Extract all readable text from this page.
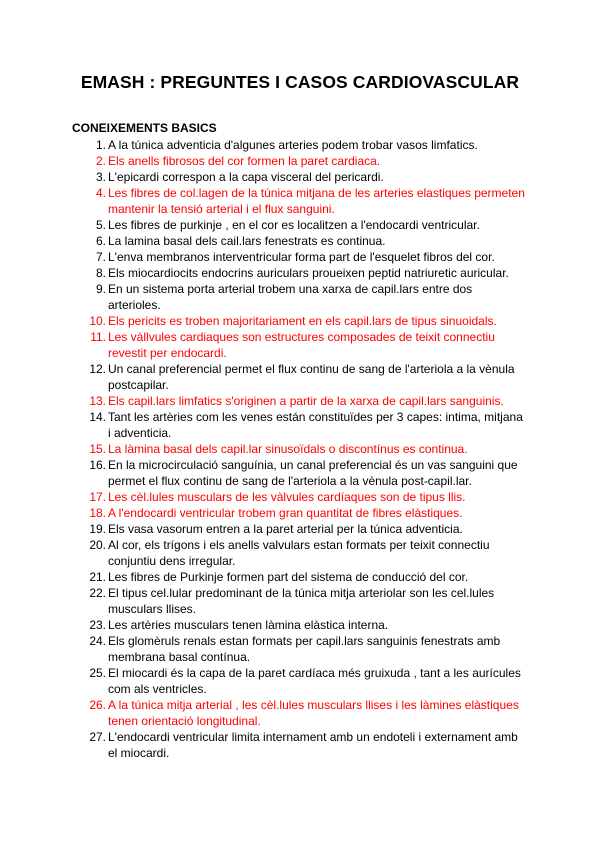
EMASH : PREGUNTES I CASOS CARDIOVASCULAR
CONEIXEMENTS BASICS
1. A la túnica adventicia d'algunes arteries podem trobar vasos limfatics.
2. Els anells fibrosos del cor formen la paret cardiaca.
3. L'epicardi correspon a la capa visceral del pericardi.
4. Les fibres de col.lagen de la túnica mitjana de les arteries elastiques permeten mantenir la tensió arterial i el flux sanguini.
5. Les fibres de purkinje , en el cor es localitzen a l'endocardi ventricular.
6. La lamina basal dels cail.lars fenestrats es continua.
7. L'enva membranos interventricular forma part de l'esquelet fibros del cor.
8. Els miocardiocits endocrins auriculars proueixen peptid natriuretic auricular.
9. En un sistema porta arterial trobem una xarxa de capil.lars entre dos arterioles.
10. Els pericits es troben majoritariament en els capil.lars de tipus sinuoidals.
11. Les vàllvules cardiaques son estructures composades de teixit connectiu revestit per endocardi.
12. Un canal preferencial permet el flux continu de sang de l'arteriola a la vènula postcapilar.
13. Els capil.lars limfatics s'originen a partir de la xarxa de capil.lars sanguinis.
14. Tant les artèries com les venes están constituïdes per 3 capes: intima, mitjana i adventicia.
15. La làmina basal dels capil.lar sinusoïdals o discontínus es continua.
16. En la microcirculació sanguínia, un canal preferencial és un vas sanguini que permet el flux continu de sang de l'arteriola a la vènula post-capil.lar.
17. Les cèl.lules musculars de les vàlvules cardíaques son de tipus llis.
18. A l'endocardi ventricular trobem gran quantitat de fibres elàstiques.
19. Els vasa vasorum entren a la paret arterial per la túnica adventicia.
20. Al cor, els trígons i els anells valvulars estan formats per teixit connectiu conjuntiu dens irregular.
21. Les fibres de Purkinje formen part del sistema de conducció del cor.
22. El tipus cel.lular predominant de la túnica mitja arteriolar son les cel.lules musculars llises.
23. Les artèries musculars tenen làmina elàstica interna.
24. Els glomèruls renals estan formats per capil.lars sanguinis fenestrats amb membrana basal contínua.
25. El miocardi és la capa de la paret cardíaca més gruixuda , tant a les aurícules com als ventricles.
26. A la túnica mitja arterial , les cèl.lules musculars llises i les làmines elàstiques tenen orientació longitudinal.
27. L'endocardi ventricular limita internament amb un endoteli i externament amb el miocardi.
